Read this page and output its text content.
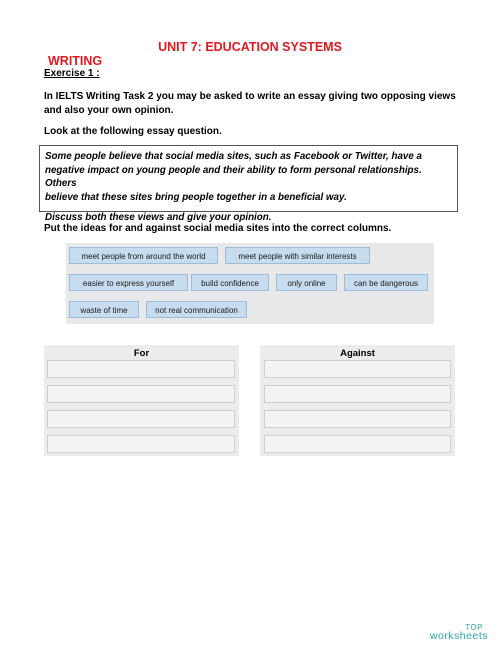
UNIT 7: EDUCATION SYSTEMS
WRITING
Exercise 1 :
In IELTS Writing Task 2 you may be asked to write an essay giving two opposing views
and also your own opinion.
Look at the following essay question.

Some people believe that social media sites, such as Facebook or Twitter, have a
negative impact on young people and their ability to form personal relationships. Others
believe that these sites bring people together in a beneficial way.

Discuss both these views and give your opinion.

Put the ideas for and against social media sites into the correct columns.
meet people from around the world	meet people with similar interests
easier to express yourself	build confidence	only online	can be dangerous
waste of time	not real communication
For	Against
TOP
worksheets
